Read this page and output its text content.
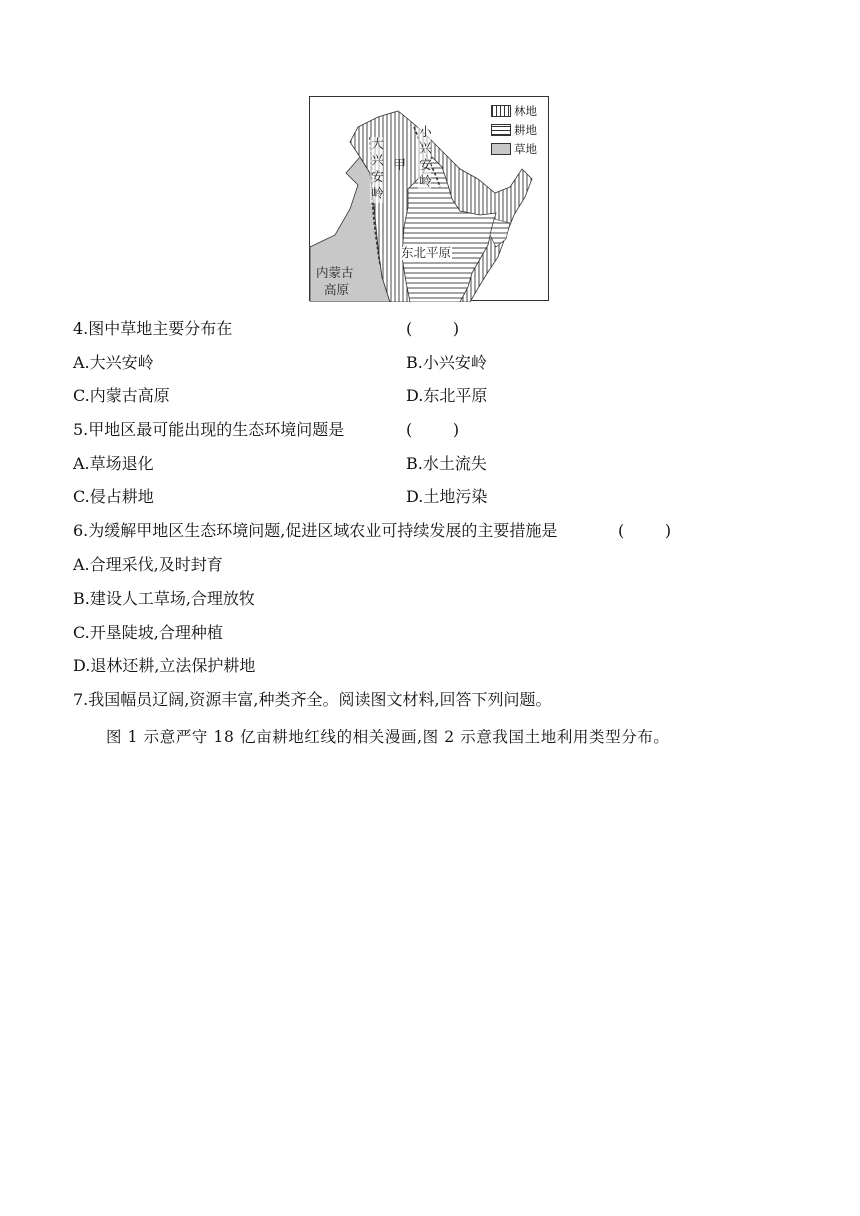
大兴安岭	小兴安岭
甲
东北平原
内蒙古
高原
林地
耕地
草地
4.图中草地主要分布在	(        )
A.大兴安岭	B.小兴安岭
C.内蒙古高原	D.东北平原
5.甲地区最可能出现的生态环境问题是	(        )
A.草场退化	B.水土流失
C.侵占耕地	D.土地污染
6.为缓解甲地区生态环境问题,促进区域农业可持续发展的主要措施是	(        )
A.合理采伐,及时封育
B.建设人工草场,合理放牧
C.开垦陡坡,合理种植
D.退林还耕,立法保护耕地
7.我国幅员辽阔,资源丰富,种类齐全。阅读图文材料,回答下列问题。
图 1 示意严守 18 亿亩耕地红线的相关漫画,图 2 示意我国土地利用类型分布。
